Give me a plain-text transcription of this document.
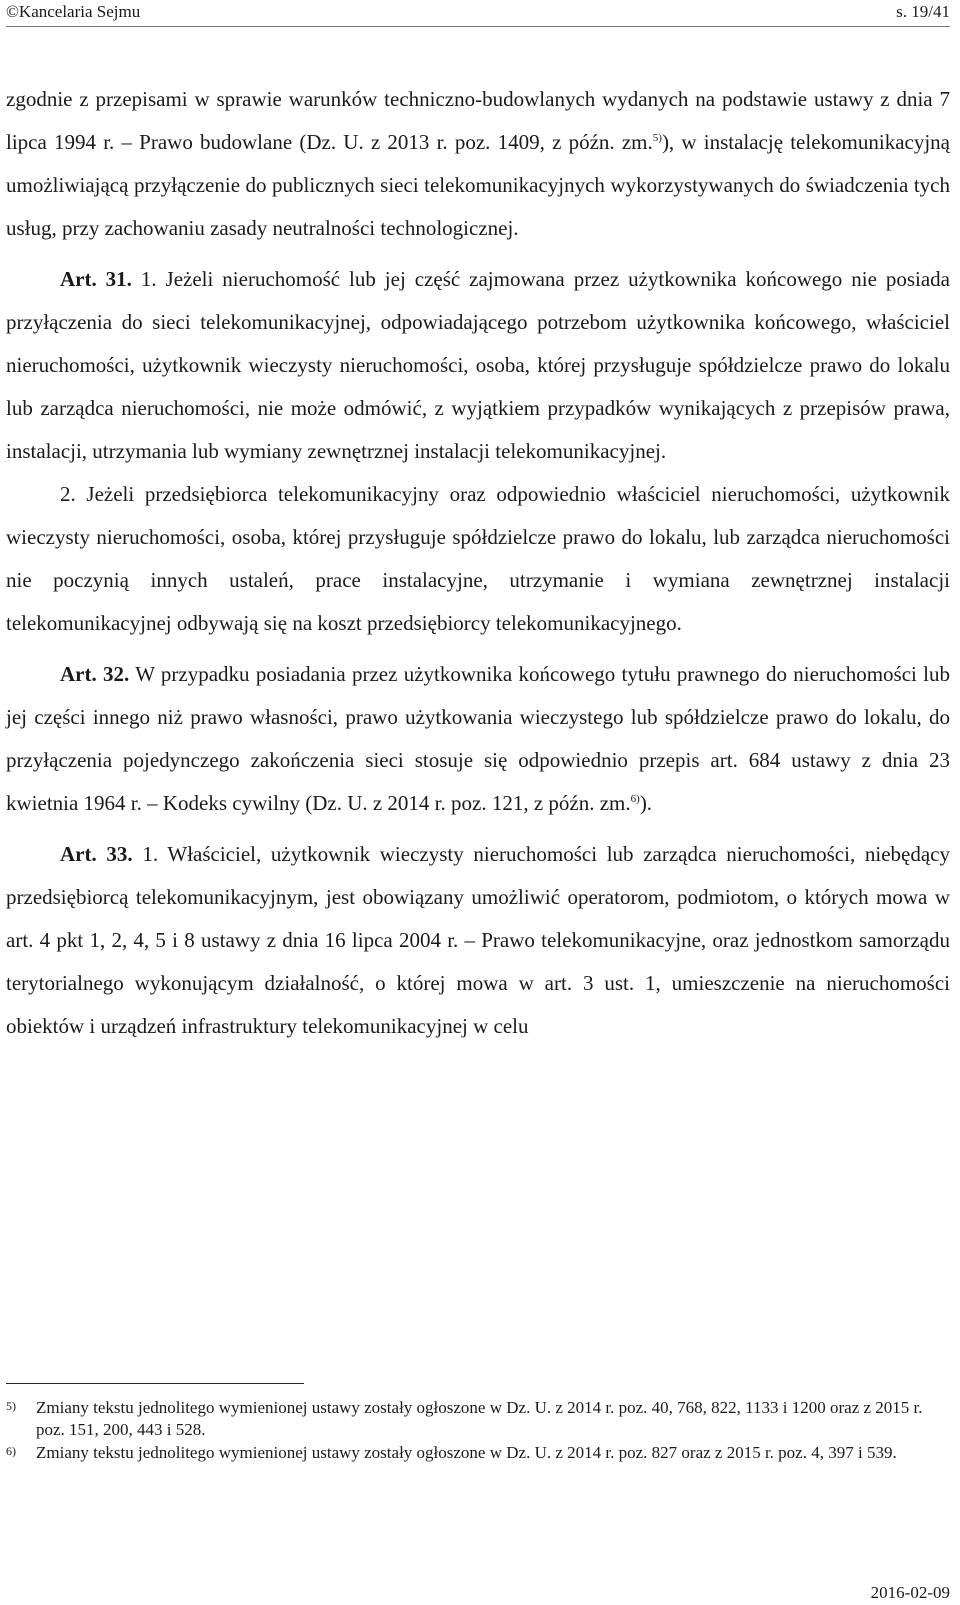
©Kancelaria Sejmu	s. 19/41

zgodnie z przepisami w sprawie warunków techniczno-budowlanych wydanych na podstawie ustawy z dnia 7 lipca 1994 r. – Prawo budowlane (Dz. U. z 2013 r. poz. 1409, z późn. zm.$^{5)}$), w instalację telekomunikacyjną umożliwiającą przyłączenie do publicznych sieci telekomunikacyjnych wykorzystywanych do świadczenia tych usług, przy zachowaniu zasady neutralności technologicznej.

Art. 31. 1. Jeżeli nieruchomość lub jej część zajmowana przez użytkownika końcowego nie posiada przyłączenia do sieci telekomunikacyjnej, odpowiadającego potrzebom użytkownika końcowego, właściciel nieruchomości, użytkownik wieczysty nieruchomości, osoba, której przysługuje spółdzielcze prawo do lokalu lub zarządca nieruchomości, nie może odmówić, z wyjątkiem przypadków wynikających z przepisów prawa, instalacji, utrzymania lub wymiany zewnętrznej instalacji telekomunikacyjnej.

2. Jeżeli przedsiębiorca telekomunikacyjny oraz odpowiednio właściciel nieruchomości, użytkownik wieczysty nieruchomości, osoba, której przysługuje spółdzielcze prawo do lokalu, lub zarządca nieruchomości nie poczynią innych ustaleń, prace instalacyjne, utrzymanie i wymiana zewnętrznej instalacji telekomunikacyjnej odbywają się na koszt przedsiębiorcy telekomunikacyjnego.

Art. 32. W przypadku posiadania przez użytkownika końcowego tytułu prawnego do nieruchomości lub jej części innego niż prawo własności, prawo użytkowania wieczystego lub spółdzielcze prawo do lokalu, do przyłączenia pojedynczego zakończenia sieci stosuje się odpowiednio przepis art. 684 ustawy z dnia 23 kwietnia 1964 r. – Kodeks cywilny (Dz. U. z 2014 r. poz. 121, z późn. zm.$^{6)}$).

Art. 33. 1. Właściciel, użytkownik wieczysty nieruchomości lub zarządca nieruchomości, niebędący przedsiębiorcą telekomunikacyjnym, jest obowiązany umożliwić operatorom, podmiotom, o których mowa w art. 4 pkt 1, 2, 4, 5 i 8 ustawy z dnia 16 lipca 2004 r. – Prawo telekomunikacyjne, oraz jednostkom samorządu terytorialnego wykonującym działalność, o której mowa w art. 3 ust. 1, umieszczenie na nieruchomości obiektów i urządzeń infrastruktury telekomunikacyjnej w celu

5) Zmiany tekstu jednolitego wymienionej ustawy zostały ogłoszone w Dz. U. z 2014 r. poz. 40, 768, 822, 1133 i 1200 oraz z 2015 r. poz. 151, 200, 443 i 528.
6) Zmiany tekstu jednolitego wymienionej ustawy zostały ogłoszone w Dz. U. z 2014 r. poz. 827 oraz z 2015 r. poz. 4, 397 i 539.
2016-02-09
